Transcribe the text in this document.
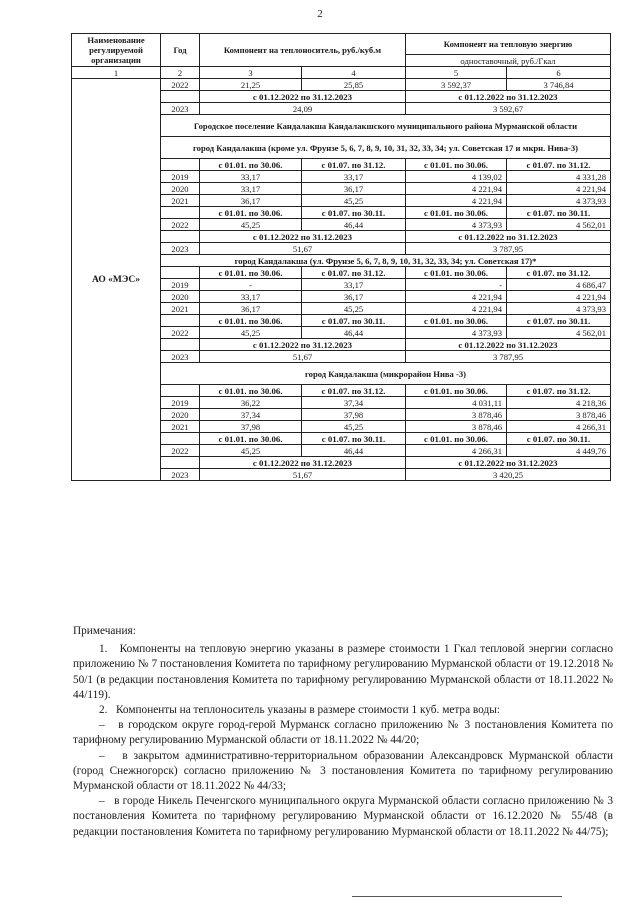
2
Наименование регулируемой организации	Год	Компонент на теплоноситель, руб./куб.м		Компонент на тепловую энергию	
				одноставочный, руб./Гкал	
1	2	3	4	5	6
АО «МЭС»	2022	21,25	25,85	3 592,37	3 746,84
		с 01.12.2022 по 31.12.2023		с 01.12.2022 по 31.12.2023	
	2023	24,09		3 592,67	
	Городское поселение Кандалакша Кандалакшского муниципального района Мурманской области				
	город Кандалакша (кроме ул. Фрунзе 5, 6, 7, 8, 9, 10, 31, 32, 33, 34; ул. Советская 17 и мкрн. Нива-3)				
		с 01.01. по 30.06.	с 01.07. по 31.12.	с 01.01. по 30.06.	с 01.07. по 31.12.
	2019	33,17	33,17	4 139,02	4 331,28
	2020	33,17	36,17	4 221,94	4 221,94
	2021	36,17	45,25	4 221,94	4 373,93
		с 01.01. по 30.06.	с 01.07. по 30.11.	с 01.01. по 30.06.	с 01.07. по 30.11.
	2022	45,25	46,44	4 373,93	4 562,01
		с 01.12.2022 по 31.12.2023		с 01.12.2022 по 31.12.2023	
	2023	51,67		3 787,95	
	город Кандалакша (ул. Фрунзе 5, 6, 7, 8, 9, 10, 31, 32, 33, 34; ул. Советская 17)*				
		с 01.01. по 30.06.	с 01.07. по 31.12.	с 01.01. по 30.06.	с 01.07. по 31.12.
	2019	-	33,17	-	4 686,47
	2020	33,17	36,17	4 221,94	4 221,94
	2021	36,17	45,25	4 221,94	4 373,93
		с 01.01. по 30.06.	с 01.07. по 30.11.	с 01.01. по 30.06.	с 01.07. по 30.11.
	2022	45,25	46,44	4 373,93	4 562,01
		с 01.12.2022 по 31.12.2023		с 01.12.2022 по 31.12.2023	
	2023	51,67		3 787,95	
	город Кандалакша (микрорайон Нива -3)				
		с 01.01. по 30.06.	с 01.07. по 31.12.	с 01.01. по 30.06.	с 01.07. по 31.12.
	2019	36,22	37,34	4 031,11	4 218,36
	2020	37,34	37,98	3 878,46	3 878,46
	2021	37,98	45,25	3 878,46	4 266,31
		с 01.01. по 30.06.	с 01.07. по 30.11.	с 01.01. по 30.06.	с 01.07. по 30.11.
	2022	45,25	46,44	4 266,31	4 449,76
		с 01.12.2022 по 31.12.2023		с 01.12.2022 по 31.12.2023	
	2023	51,67		3 420,25	

Примечания:

1.   Компоненты на тепловую энергию указаны в размере стоимости 1 Гкал тепловой энергии согласно приложению № 7 постановления Комитета по тарифному регулированию Мурманской области от 19.12.2018 № 50/1 (в редакции постановления Комитета по тарифному регулированию Мурманской области от 18.11.2022 № 44/119).

2.   Компоненты на теплоноситель указаны в размере стоимости 1 куб. метра воды:

–   в городском округе город-герой Мурманск согласно приложению № 3 постановления Комитета по тарифному регулированию Мурманской области от 18.11.2022 № 44/20;

–   в закрытом административно-территориальном образовании Александровск Мурманской области (город Снежногорск) согласно приложению № 3 постановления Комитета по тарифному регулированию Мурманской области от 18.11.2022 № 44/33;

–   в городе Никель Печенгского муниципального округа Мурманской области согласно приложению № 3 постановления Комитета по тарифному регулированию Мурманской области от 16.12.2020 № 55/48 (в редакции постановления Комитета по тарифному регулированию Мурманской области от 18.11.2022 № 44/75);
